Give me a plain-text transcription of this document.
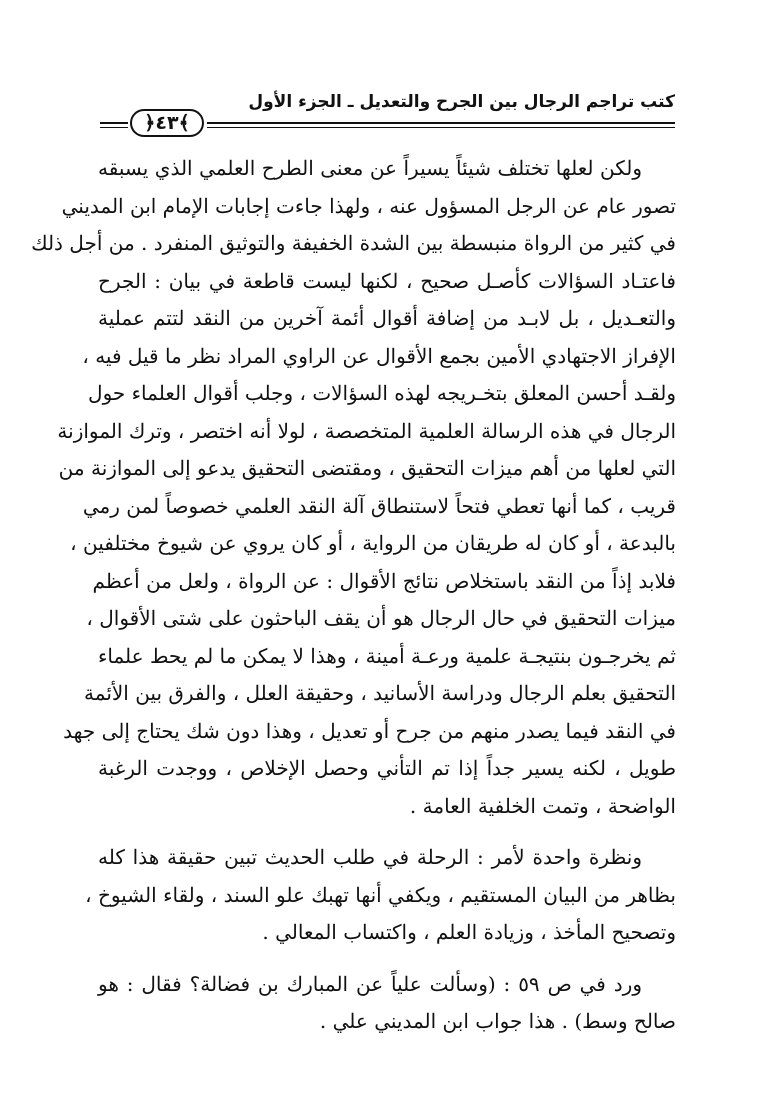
كتب تراجم الرجال بين الجرح والتعديل ـ الجزء الأول
﴿٤٣﴾
ولكن لعلها تختلف شيئاً يسيراً عن معنى الطرح العلمي الذي يسبقه
تصور عام عن الرجل المسؤول عنه ، ولهذا جاءت إجابات الإمام ابن المديني
في كثير من الرواة منبسطة بين الشدة الخفيفة والتوثيق المنفرد . من أجل ذلك
فاعتـاد السؤالات كأصـل صحيح ، لكنها ليست قاطعة في بيان : الجرح
والتعـديل ، بل لابـد من إضافة أقوال أئمة آخرين من النقد لتتم عملية
الإفراز الاجتهادي الأمين بجمع الأقوال عن الراوي المراد نظر ما قيل فيه ،
ولقـد أحسن المعلق بتخـريجه لهذه السؤالات ، وجلب أقوال العلماء حول
الرجال في هذه الرسالة العلمية المتخصصة ، لولا أنه اختصر ، وترك الموازنة
التي لعلها من أهم ميزات التحقيق ، ومقتضى التحقيق يدعو إلى الموازنة من
قريب ، كما أنها تعطي فتحاً لاستنطاق آلة النقد العلمي خصوصاً لمن رمي
بالبدعة ، أو كان له طريقان من الرواية ، أو كان يروي عن شيوخ مختلفين ،
فلابد إذاً من النقد باستخلاص نتائج الأقوال : عن الرواة ، ولعل من أعظم
ميزات التحقيق في حال الرجال هو أن يقف الباحثون على شتى الأقوال ،
ثم يخرجـون بنتيجـة علمية ورعـة أمينة ، وهذا لا يمكن ما لم يحط علماء
التحقيق بعلم الرجال ودراسة الأسانيد ، وحقيقة العلل ، والفرق بين الأئمة
في النقد فيما يصدر منهم من جرح أو تعديل ، وهذا دون شك يحتاج إلى جهد
طويل ، لكنه يسير جداً إذا تم التأني وحصل الإخلاص ، ووجدت الرغبة
الواضحة ، وتمت الخلفية العامة .
ونظرة واحدة لأمر : الرحلة في طلب الحديث تبين حقيقة هذا كله
بظاهر من البيان المستقيم ، ويكفي أنها تهبك علو السند ، ولقاء الشيوخ ،
وتصحيح المأخذ ، وزيادة العلم ، واكتساب المعالي .
ورد في ص ٥٩ : (وسألت علياً عن المبارك بن فضالة؟ فقال : هو
صالح وسط) . هذا جواب ابن المديني علي .
